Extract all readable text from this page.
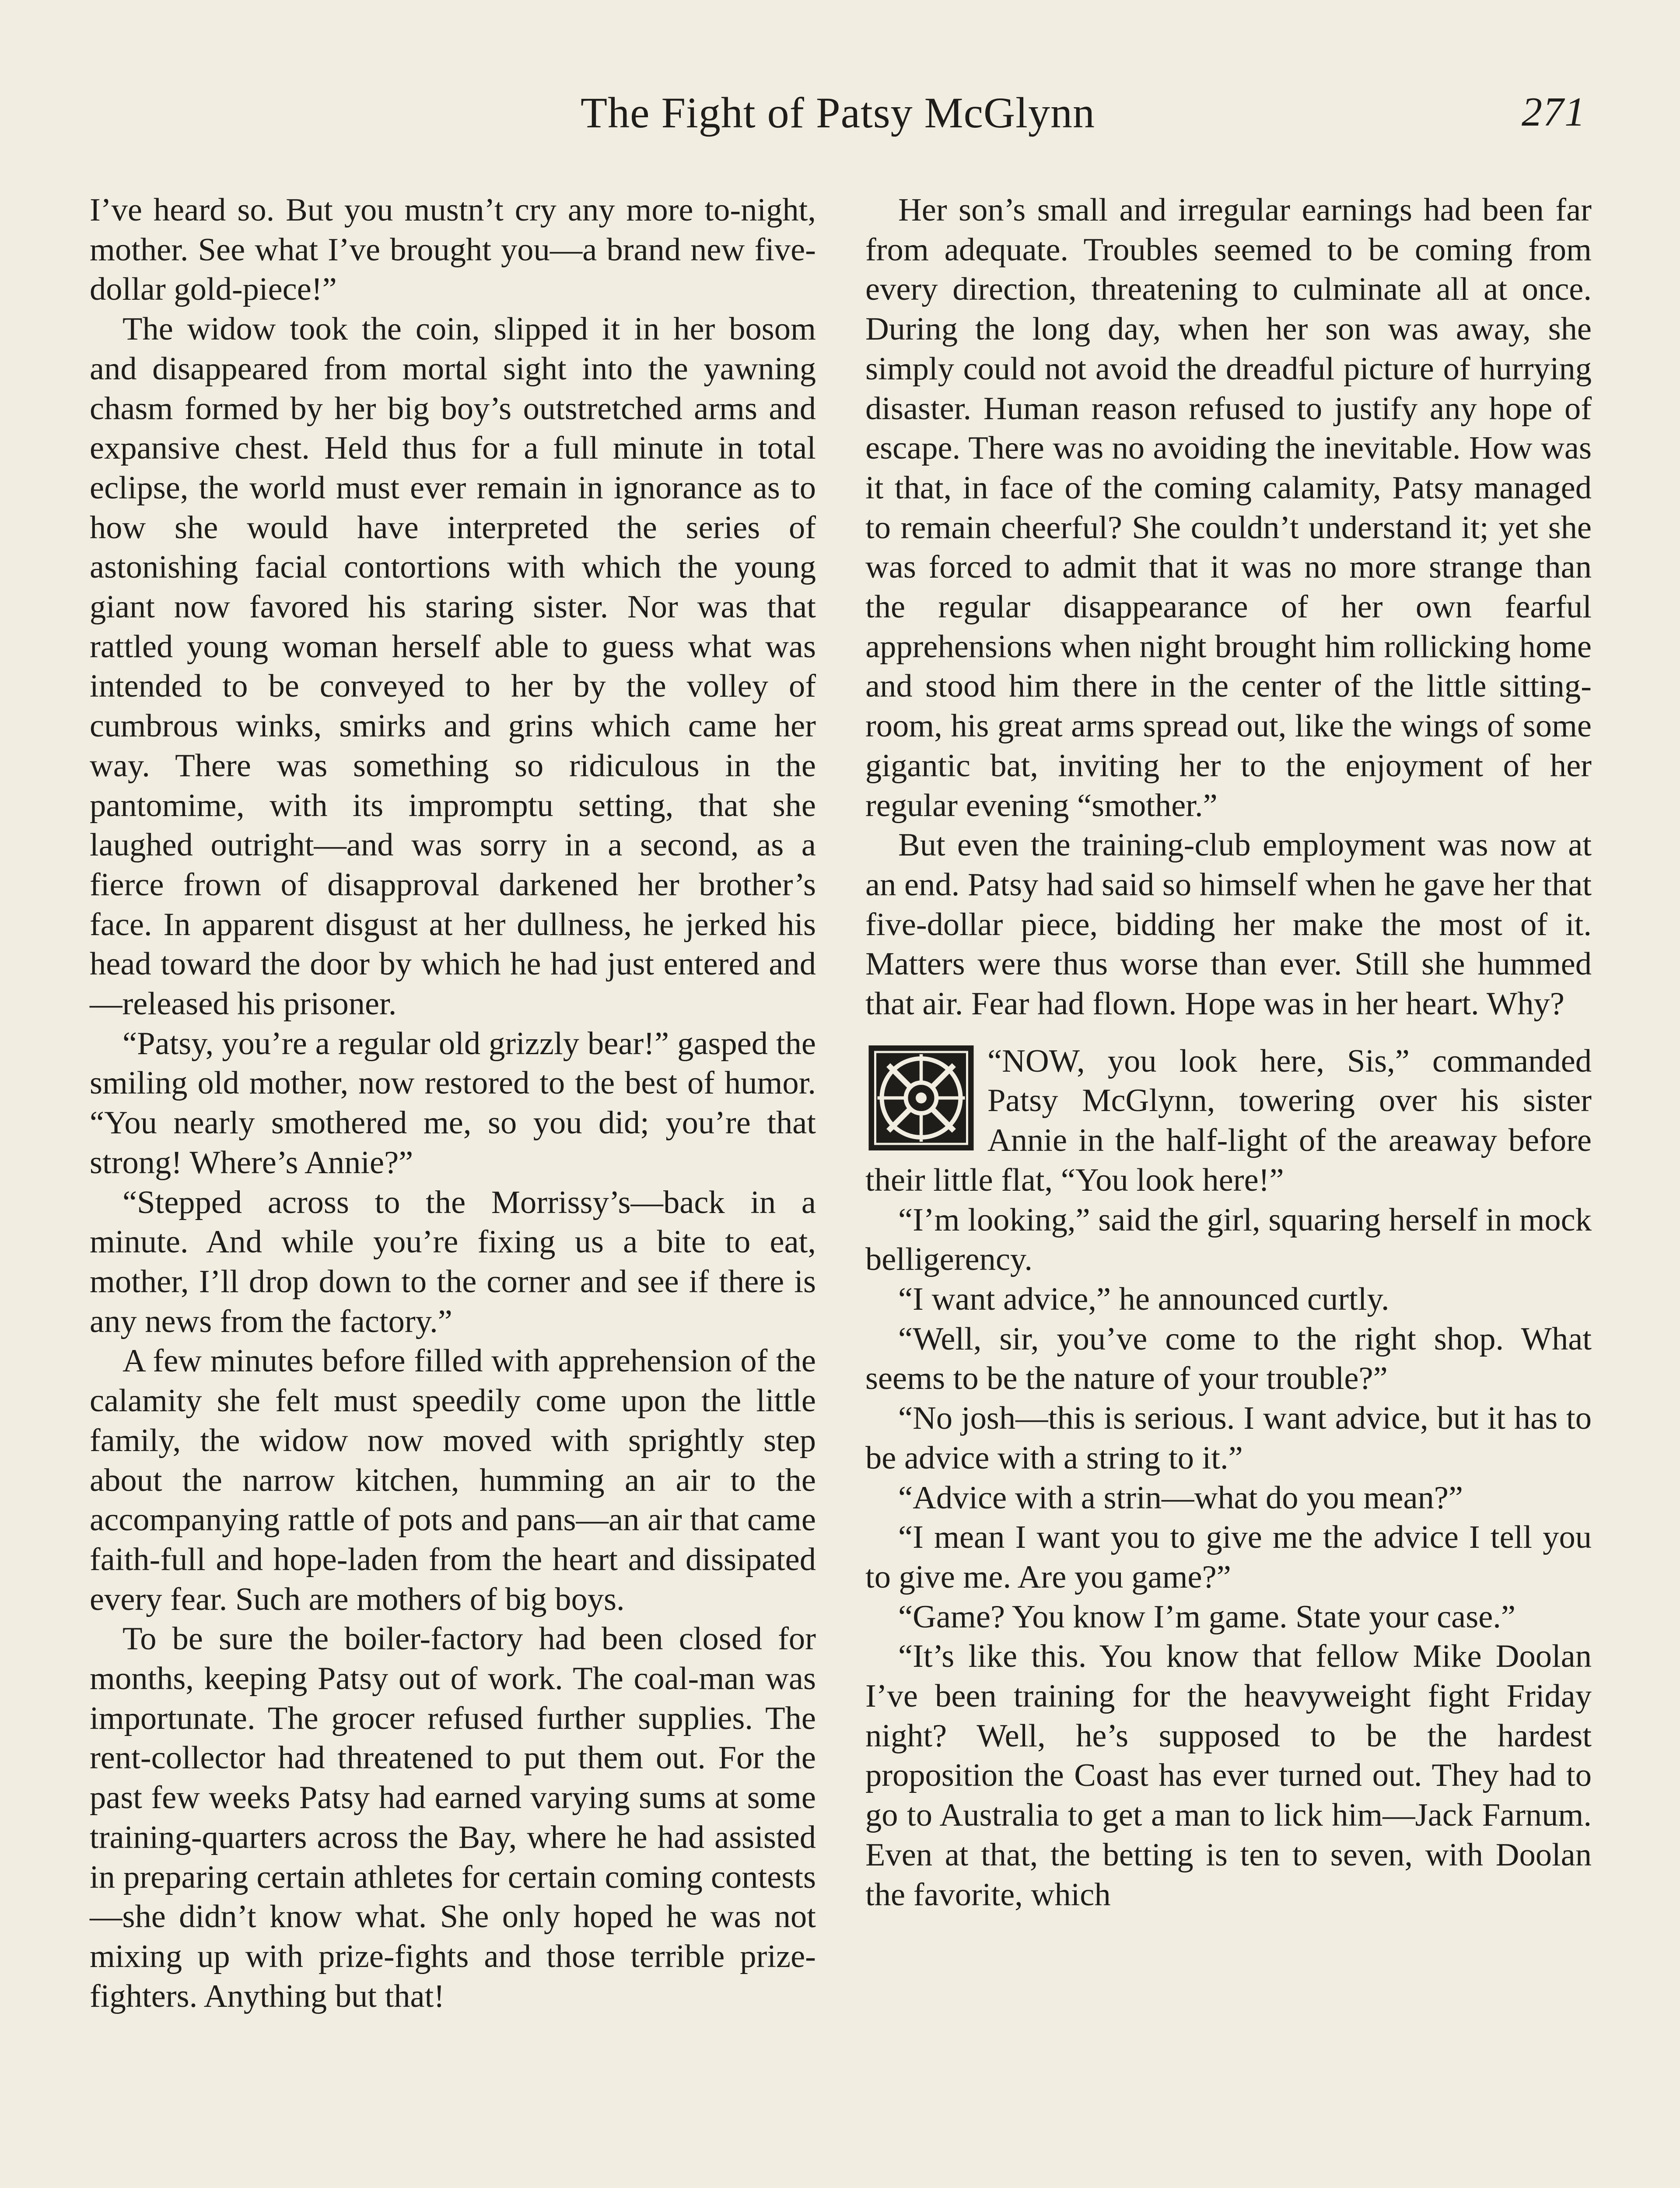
The Fight of Patsy McGlynn	271

I’ve heard so. But you mustn’t cry any more to-night, mother. See what I’ve brought you—a brand new five-dollar gold-piece!”

The widow took the coin, slipped it in her bosom and disappeared from mortal sight into the yawning chasm formed by her big boy’s outstretched arms and expansive chest. Held thus for a full minute in total eclipse, the world must ever remain in ignorance as to how she would have interpreted the series of astonishing facial contortions with which the young giant now favored his staring sister. Nor was that rattled young woman herself able to guess what was intended to be conveyed to her by the volley of cumbrous winks, smirks and grins which came her way. There was something so ridiculous in the pantomime, with its impromptu setting, that she laughed outright—and was sorry in a second, as a fierce frown of disapproval darkened her brother’s face. In apparent disgust at her dullness, he jerked his head toward the door by which he had just entered and—released his prisoner.

“Patsy, you’re a regular old grizzly bear!” gasped the smiling old mother, now restored to the best of humor. “You nearly smothered me, so you did; you’re that strong! Where’s Annie?”

“Stepped across to the Morrissy’s—back in a minute. And while you’re fixing us a bite to eat, mother, I’ll drop down to the corner and see if there is any news from the factory.”

A few minutes before filled with apprehension of the calamity she felt must speedily come upon the little family, the widow now moved with sprightly step about the narrow kitchen, humming an air to the accompanying rattle of pots and pans—an air that came faith-full and hope-laden from the heart and dissipated every fear. Such are mothers of big boys.

To be sure the boiler-factory had been closed for months, keeping Patsy out of work. The coal-man was importunate. The grocer refused further supplies. The rent-collector had threatened to put them out. For the past few weeks Patsy had earned varying sums at some training-quarters across the Bay, where he had assisted in preparing certain athletes for certain coming contests—she didn’t know what. She only hoped he was not mixing up with prize-fights and those terrible prize-fighters. Anything but that!

Her son’s small and irregular earnings had been far from adequate. Troubles seemed to be coming from every direction, threatening to culminate all at once. During the long day, when her son was away, she simply could not avoid the dreadful picture of hurrying disaster. Human reason refused to justify any hope of escape. There was no avoiding the inevitable. How was it that, in face of the coming calamity, Patsy managed to remain cheerful? She couldn’t understand it; yet she was forced to admit that it was no more strange than the regular disappearance of her own fearful apprehensions when night brought him rollicking home and stood him there in the center of the little sitting-room, his great arms spread out, like the wings of some gigantic bat, inviting her to the enjoyment of her regular evening “smother.”

But even the training-club employment was now at an end. Patsy had said so himself when he gave her that five-dollar piece, bidding her make the most of it. Matters were thus worse than ever. Still she hummed that air. Fear had flown. Hope was in her heart. Why?

“NOW, you look here, Sis,” commanded Patsy McGlynn, towering over his sister Annie in the half-light of the areaway before their little flat, “You look here!”

“I’m looking,” said the girl, squaring herself in mock belligerency.

“I want advice,” he announced curtly.

“Well, sir, you’ve come to the right shop. What seems to be the nature of your trouble?”

“No josh—this is serious. I want advice, but it has to be advice with a string to it.”

“Advice with a strin—what do you mean?”

“I mean I want you to give me the advice I tell you to give me. Are you game?”

“Game? You know I’m game. State your case.”

“It’s like this. You know that fellow Mike Doolan I’ve been training for the heavyweight fight Friday night? Well, he’s supposed to be the hardest proposition the Coast has ever turned out. They had to go to Australia to get a man to lick him—Jack Farnum. Even at that, the betting is ten to seven, with Doolan the favorite, which
